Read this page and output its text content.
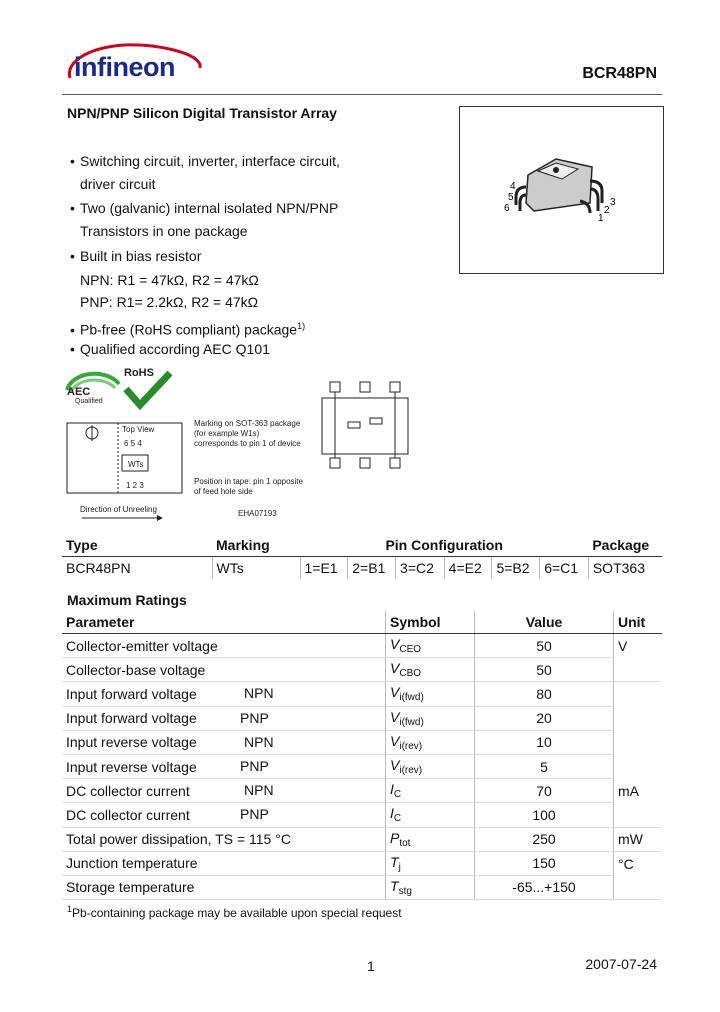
infineon	BCR48PN
NPN/PNP Silicon Digital Transistor Array
• Switching circuit, inverter, interface circuit,
driver circuit
• Two (galvanic) internal isolated NPN/PNP
Transistors in one package
• Built in bias resistor
NPN: R1 = 47kΩ, R2 = 47kΩ
PNP: R1= 2.2kΩ, R2 = 47kΩ
• Pb-free (RoHS compliant) package$^{1)}$
• Qualified according AEC Q101
4
5
6
3
2
1
AEC
Qualified
RoHS
Top View
6 5 4
WTs
1 2 3
Marking on SOT-363 package (for example W1s) corresponds to pin 1 of device
Position in tape: pin 1 opposite of feed hole side
Direction of Unreeling	EHA07193
Type	Marking	Pin Configuration						Package
BCR48PN	WTs	1=E1	2=B1	3=C2	4=E2	5=B2	6=C1	SOT363
Maximum Ratings
Parameter	Symbol	Value	Unit
Collector-emitter voltage	$V_{CEO}$	50	V
Collector-base voltage	$V_{CBO}$	50	
Input forward voltage NPN	$V_{i(fwd)}$	80	
Input forward voltage PNP	$V_{i(fwd)}$	20	
Input reverse voltage NPN	$V_{i(rev)}$	10	
Input reverse voltage PNP	$V_{i(rev)}$	5	
DC collector current NPN	$I_C$	70	mA
DC collector current PNP	$I_C$	100	
Total power dissipation, TS = 115 °C	$P_{tot}$	250	mW
Junction temperature	$T_j$	150	°C
Storage temperature	$T_{stg}$	-65...+150	
$^1$Pb-containing package may be available upon special request
1	2007-07-24
